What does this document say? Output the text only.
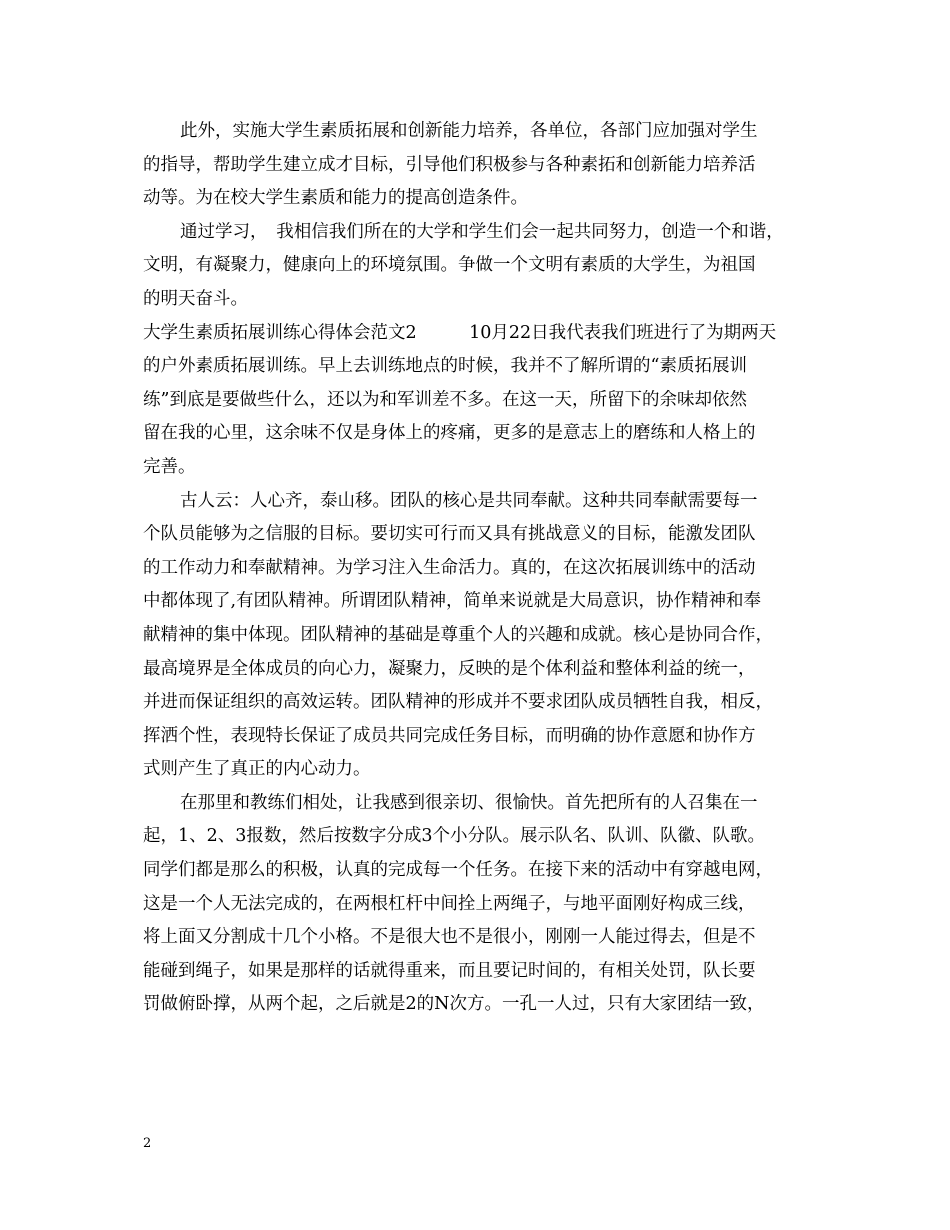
此外，实施大学生素质拓展和创新能力培养，各单位，各部门应加强对学生
的指导，帮助学生建立成才目标，引导他们积极参与各种素拓和创新能力培养活
动等。为在校大学生素质和能力的提高创造条件。
通过学习，　我相信我们所在的大学和学生们会一起共同努力，创造一个和谐，
文明，有凝聚力，健康向上的环境氛围。争做一个文明有素质的大学生，为祖国
的明天奋斗。
大学生素质拓展训练心得体会范文2　　　10月22日我代表我们班进行了为期两天
的户外素质拓展训练。早上去训练地点的时候，我并不了解所谓的“素质拓展训
练”到底是要做些什么，还以为和军训差不多。在这一天，所留下的余味却依然
留在我的心里，这余味不仅是身体上的疼痛，更多的是意志上的磨练和人格上的
完善。
古人云：人心齐，泰山移。团队的核心是共同奉献。这种共同奉献需要每一
个队员能够为之信服的目标。要切实可行而又具有挑战意义的目标，能激发团队
的工作动力和奉献精神。为学习注入生命活力。真的，在这次拓展训练中的活动
中都体现了,有团队精神。所谓团队精神，简单来说就是大局意识，协作精神和奉
献精神的集中体现。团队精神的基础是尊重个人的兴趣和成就。核心是协同合作，
最高境界是全体成员的向心力，凝聚力，反映的是个体利益和整体利益的统一，
并进而保证组织的高效运转。团队精神的形成并不要求团队成员牺牲自我，相反，
挥洒个性，表现特长保证了成员共同完成任务目标，而明确的协作意愿和协作方
式则产生了真正的内心动力。
在那里和教练们相处，让我感到很亲切、很愉快。首先把所有的人召集在一
起，1、2、3报数，然后按数字分成3个小分队。展示队名、队训、队徽、队歌。
同学们都是那么的积极，认真的完成每一个任务。在接下来的活动中有穿越电网，
这是一个人无法完成的，在两根杠杆中间拴上两绳子，与地平面刚好构成三线，
将上面又分割成十几个小格。不是很大也不是很小，刚刚一人能过得去，但是不
能碰到绳子，如果是那样的话就得重来，而且要记时间的，有相关处罚，队长要
罚做俯卧撑，从两个起，之后就是2的N次方。一孔一人过，只有大家团结一致，
2
